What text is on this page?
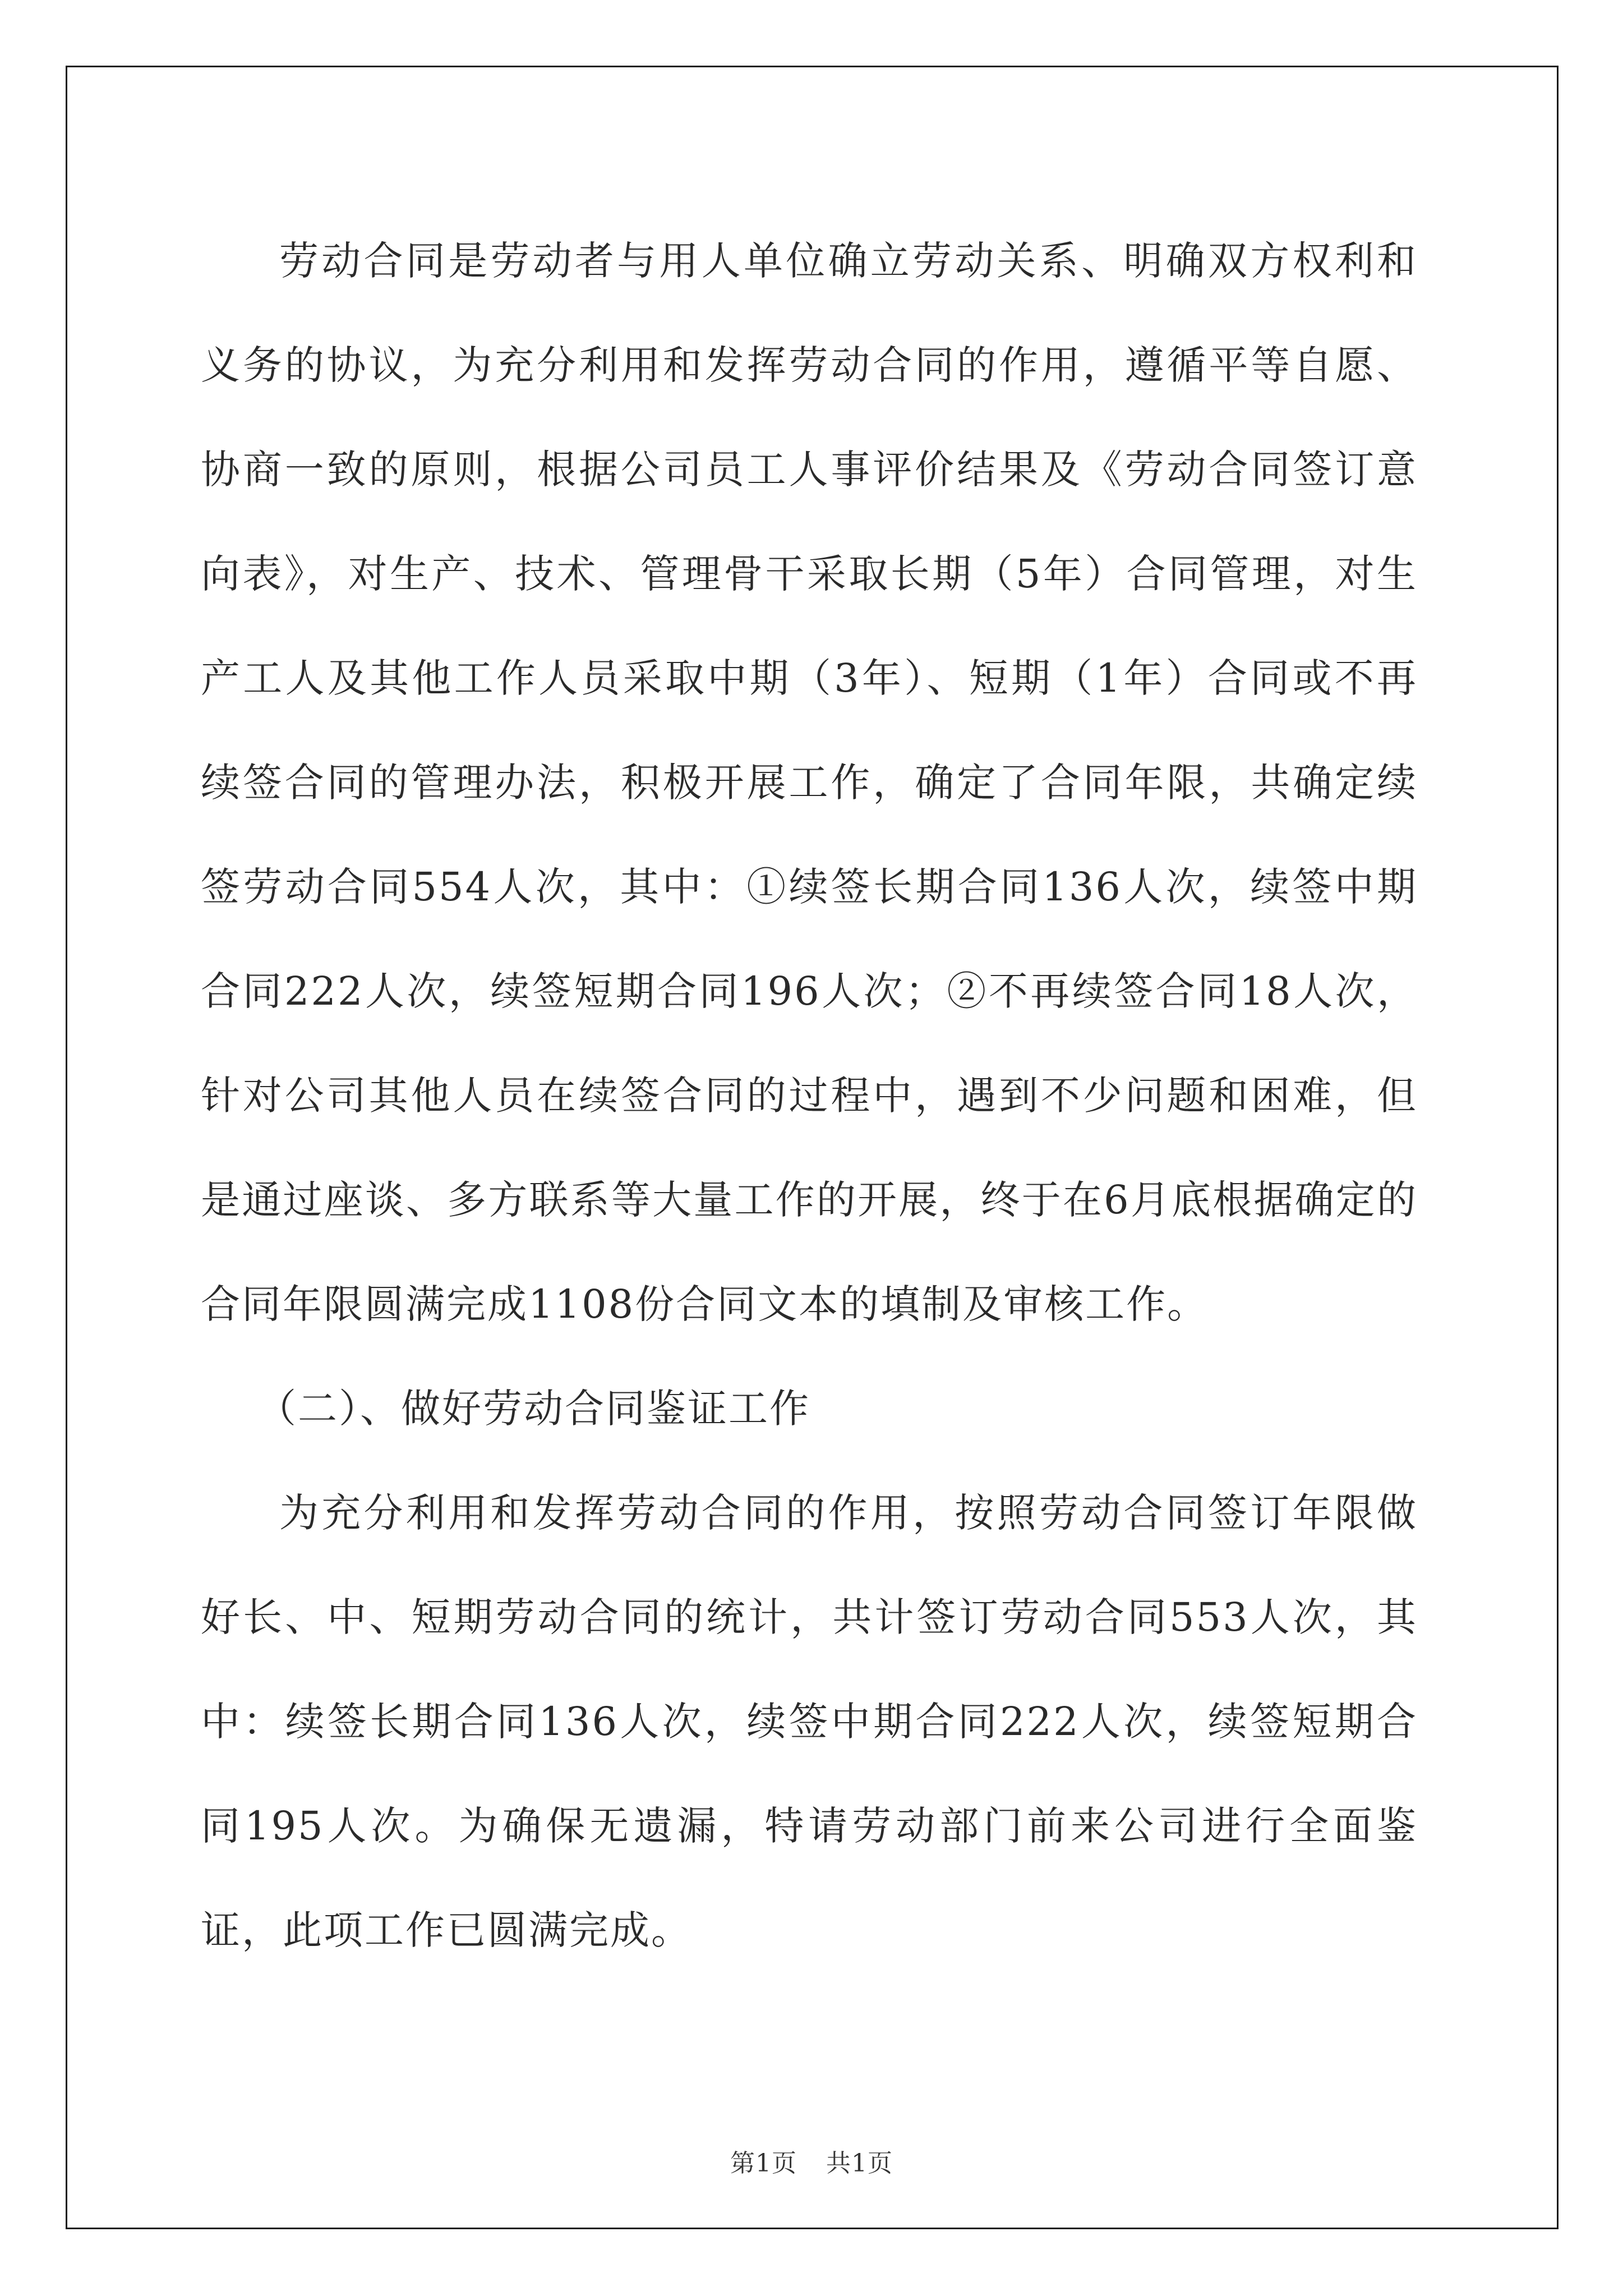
劳动合同是劳动者与用人单位确立劳动关系、明确双方权利和义务的协议，为充分利用和发挥劳动合同的作用，遵循平等自愿、协商一致的原则，根据公司员工人事评价结果及《劳动合同签订意向表》，对生产、技术、管理骨干采取长期（5年）合同管理，对生产工人及其他工作人员采取中期（3年）、短期（1年）合同或不再续签合同的管理办法，积极开展工作，确定了合同年限，共确定续签劳动合同554人次，其中：①续签长期合同136人次，续签中期合同222人次，续签短期合同196人次；②不再续签合同18人次，针对公司其他人员在续签合同的过程中，遇到不少问题和困难，但是通过座谈、多方联系等大量工作的开展，终于在6月底根据确定的合同年限圆满完成1108份合同文本的填制及审核工作。

（二）、做好劳动合同鉴证工作

为充分利用和发挥劳动合同的作用，按照劳动合同签订年限做好长、中、短期劳动合同的统计，共计签订劳动合同553人次，其中：续签长期合同136人次，续签中期合同222人次，续签短期合同195人次。为确保无遗漏，特请劳动部门前来公司进行全面鉴证，此项工作已圆满完成。

第1页 共1页
